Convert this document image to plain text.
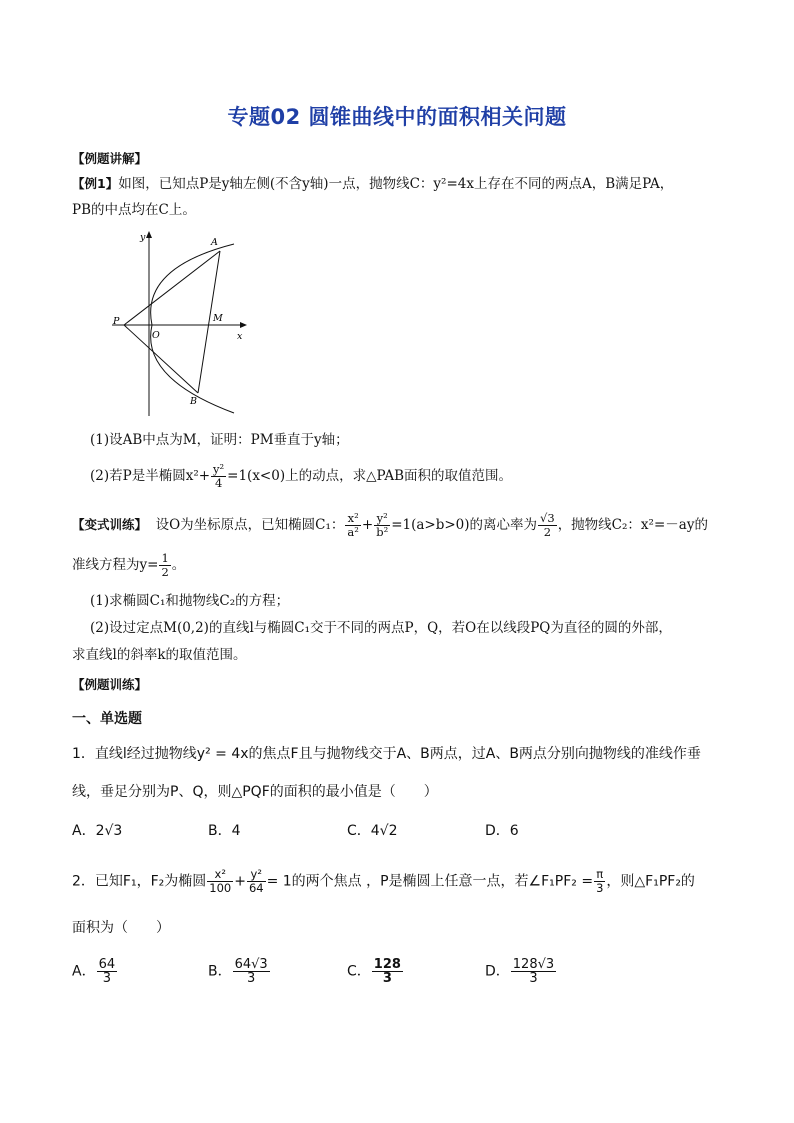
专题02 圆锥曲线中的面积相关问题
【例题讲解】
【例1】如图，已知点P是y轴左侧(不含y轴)一点，抛物线C：y²=4x上存在不同的两点A，B满足PA，
PB的中点均在C上。
y
x
P
O
M
A
B
(1)设AB中点为M，证明：PM垂直于y轴；
(2)若P是半椭圆$x^2+ \frac{\text{y²}}{4} =1(x<0)$上的动点，求△PAB面积的取值范围。
【变式训练】 设O为坐标原点，已知椭圆C₁： $\frac{\text{x²}}{\text{a²}} + \frac{\text{y²}}{\text{b²}} =1(a>b>0)$的离心率为 $\frac{√3}{2}$ ，抛物线C₂：x²=－ay的
准线方程为$y= \frac{1}{2}$ 。
(1)求椭圆C₁和抛物线C₂的方程；
(2)设过定点M(0,2)的直线l与椭圆C₁交于不同的两点P，Q，若O在以线段PQ为直径的圆的外部，
求直线l的斜率k的取值范围。
【例题训练】
一、单选题
1．直线l经过抛物线y² = 4x的焦点F且与抛物线交于A、B两点，过A、B两点分别向抛物线的准线作垂
线，垂足分别为P、Q，则△PQF的面积的最小值是（　　）
A．2√3	B．4	C．4√2	D．6
2．已知F₁，F₂为椭圆 $\frac{\text{x²}}{100} + \frac{\text{y²}}{64} = 1$的两个焦点 ，P是椭圆上任意一点，若∠F₁PF₂ = $\frac{\pi}{3}$ ，则△F₁PF₂的
面积为（　　）
A． $\frac{64}{3}$	B． $\frac{64√3}{3}$	C． $\frac{128}{3}$	D． $\frac{128√3}{3}$
